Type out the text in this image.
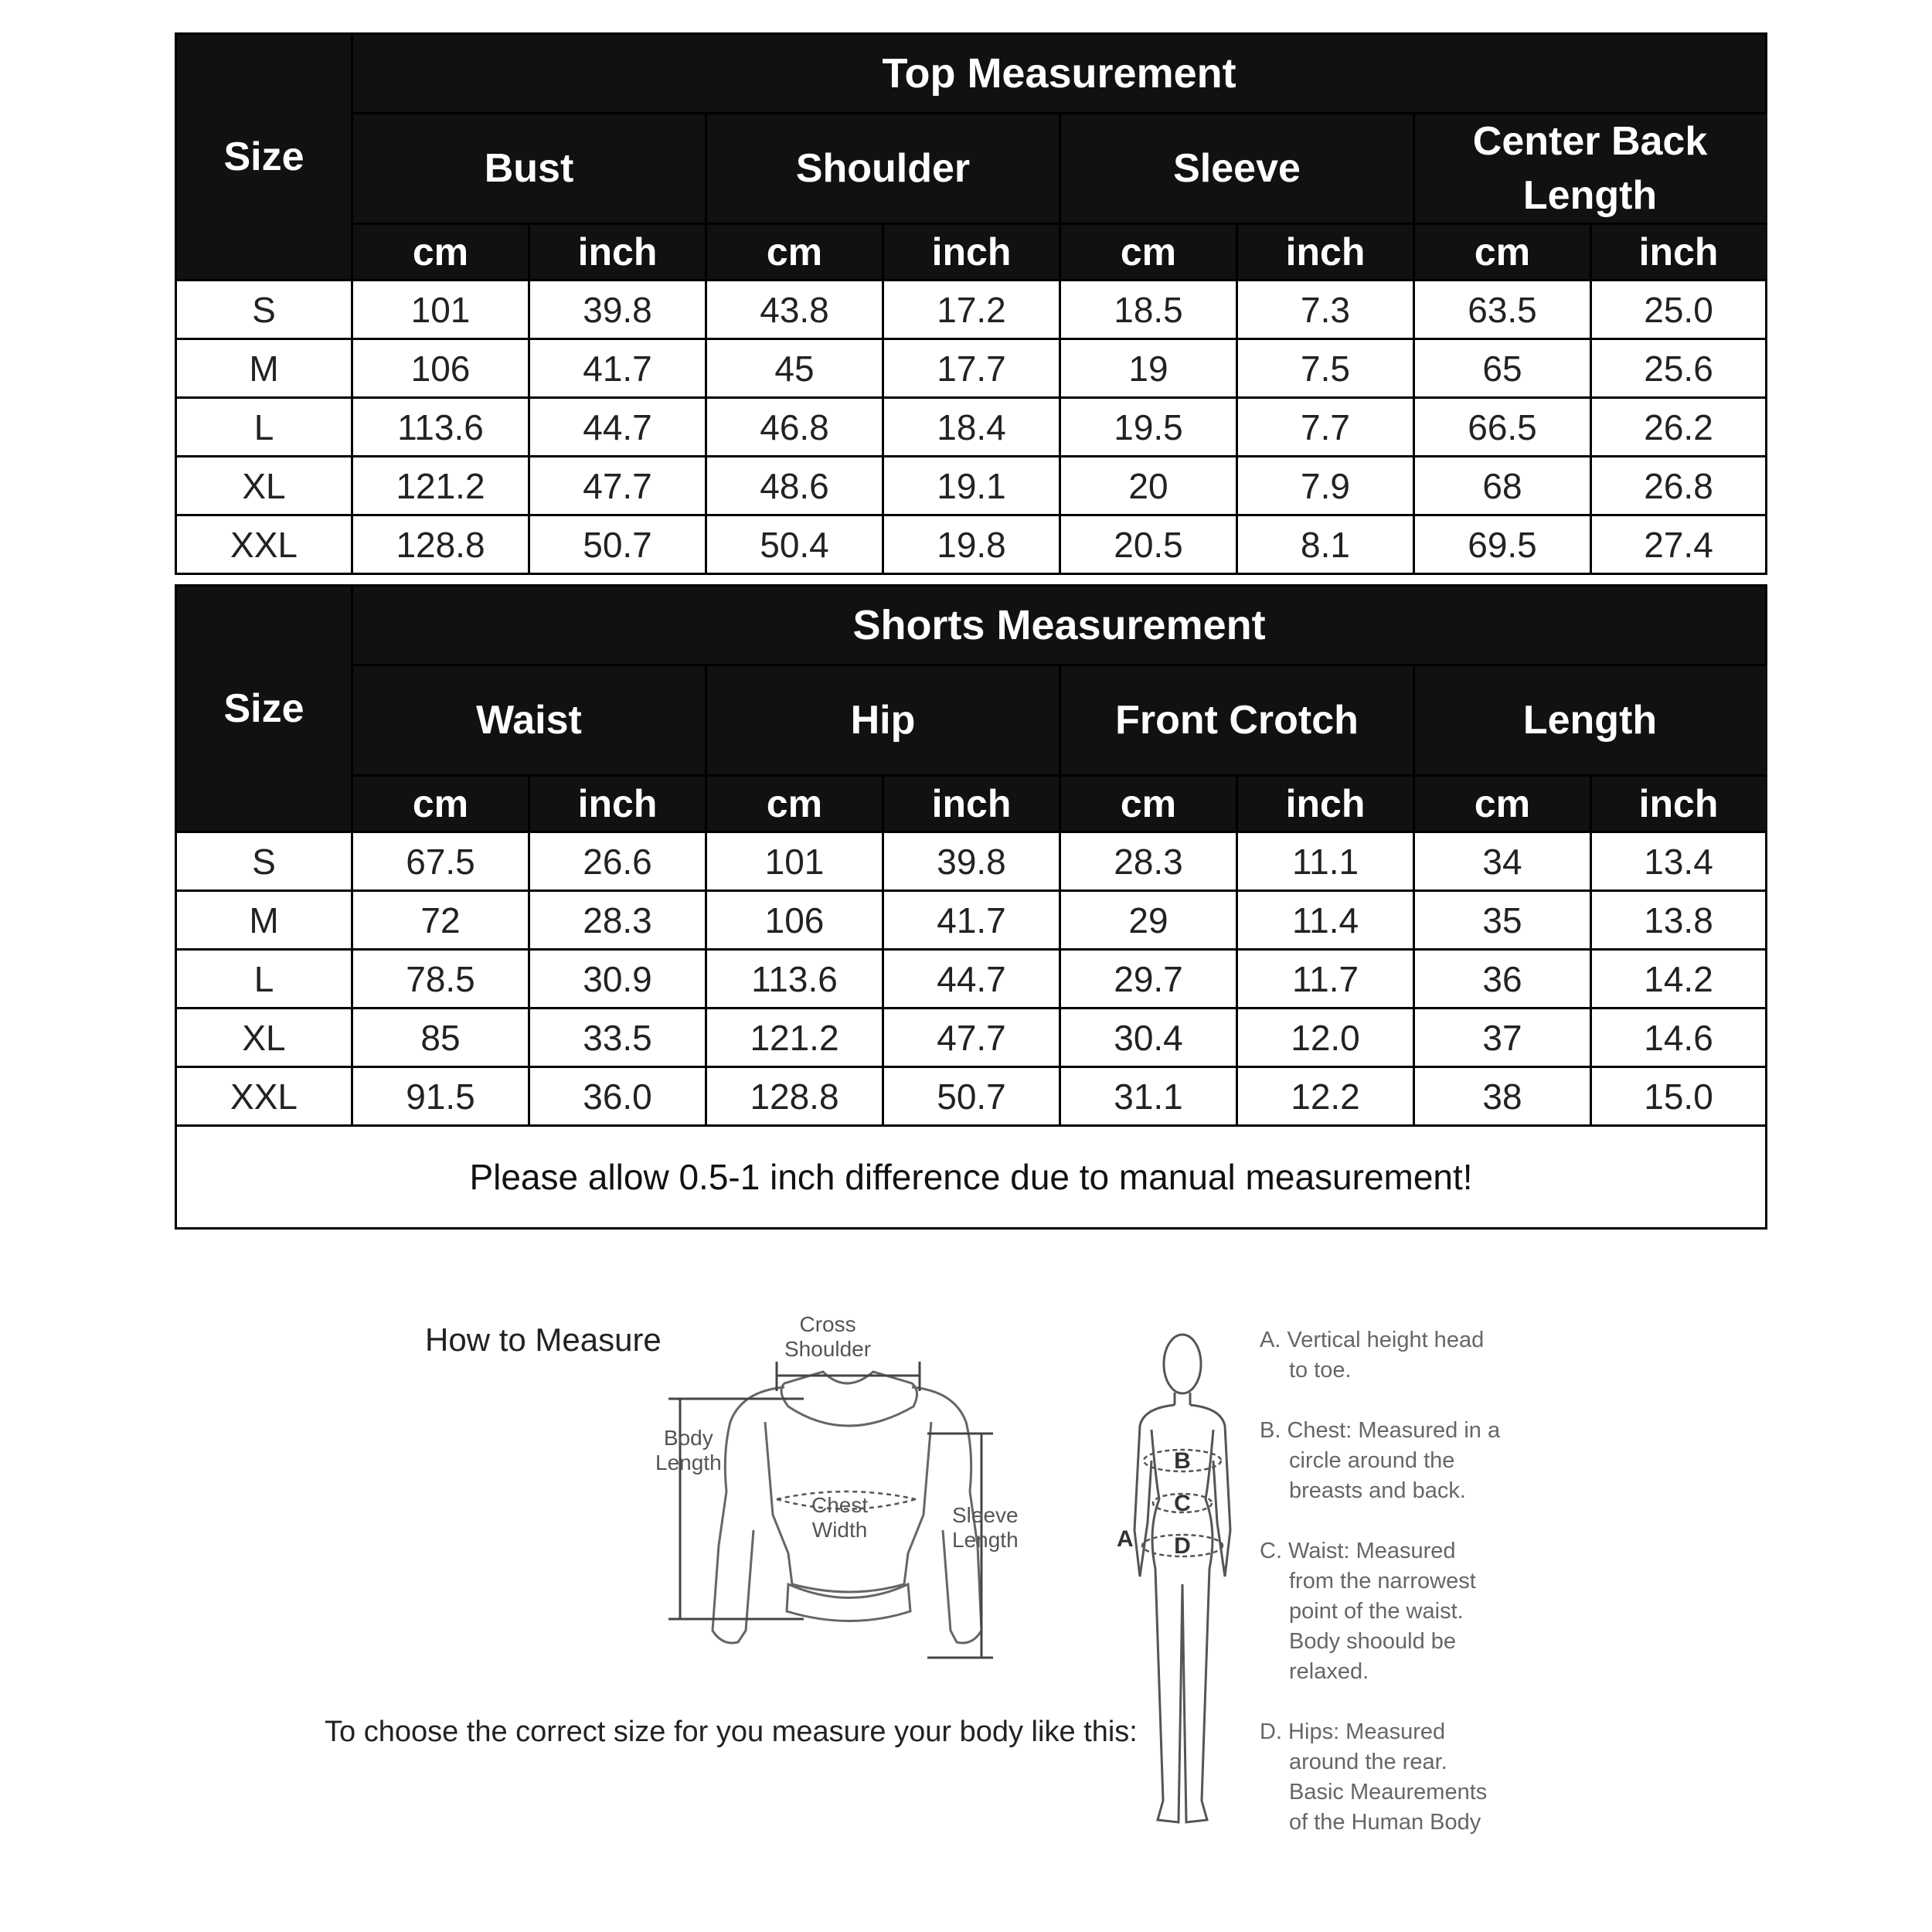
Size	Top Measurement							
	Bust		Shoulder		Sleeve		Center Back Length	
	cm	inch	cm	inch	cm	inch	cm	inch
S	101	39.8	43.8	17.2	18.5	7.3	63.5	25.0
M	106	41.7	45	17.7	19	7.5	65	25.6
L	113.6	44.7	46.8	18.4	19.5	7.7	66.5	26.2
XL	121.2	47.7	48.6	19.1	20	7.9	68	26.8
XXL	128.8	50.7	50.4	19.8	20.5	8.1	69.5	27.4
Size	Shorts Measurement							
	Waist		Hip		Front Crotch		Length	
	cm	inch	cm	inch	cm	inch	cm	inch
S	67.5	26.6	101	39.8	28.3	11.1	34	13.4
M	72	28.3	106	41.7	29	11.4	35	13.8
L	78.5	30.9	113.6	44.7	29.7	11.7	36	14.2
XL	85	33.5	121.2	47.7	30.4	12.0	37	14.6
XXL	91.5	36.0	128.8	50.7	31.1	12.2	38	15.0
Please allow 0.5-1 inch difference due to manual measurement!								
How to Measure
To choose the correct size for you measure your body like this:
Cross
Shoulder
Body
Length
Chest
Width
Sleeve
Length
B
C
D
A

A. Vertical height head
to toe.

B. Chest: Measured in a
circle around the
breasts and back.

C. Waist: Measured
from the narrowest
point of the waist.
Body shoould be
relaxed.

D. Hips: Measured
around the rear.
Basic Meaurements
of the Human Body
